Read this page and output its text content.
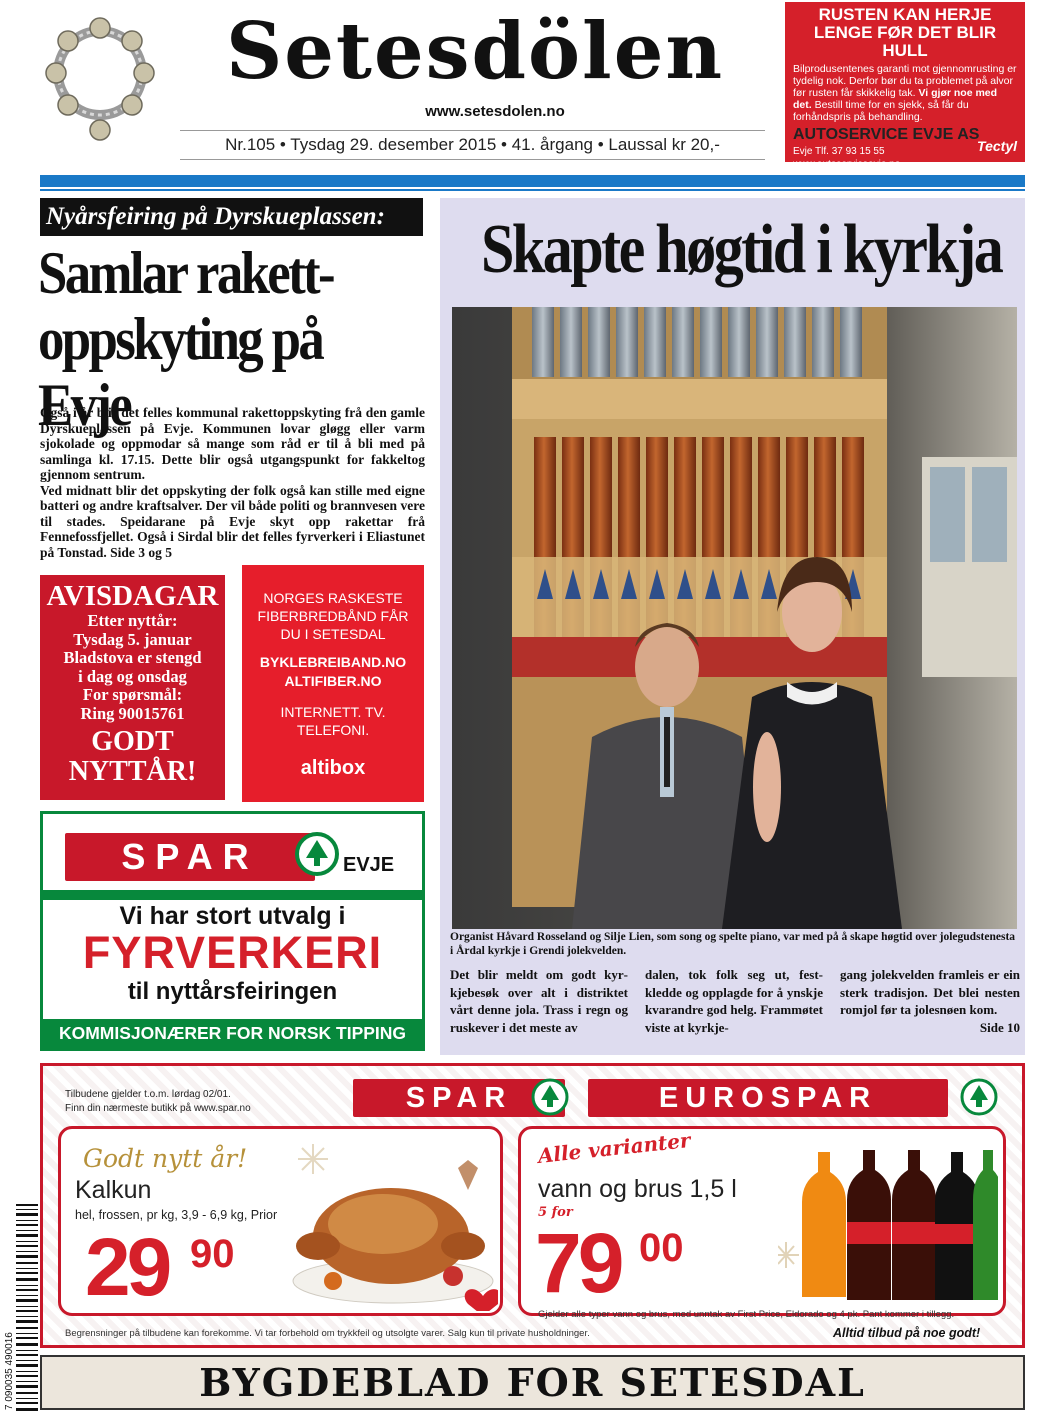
Setesdölen
www.setesdolen.no
Nr.105 • Tysdag 29. desember 2015 • 41. årgang • Laussal kr 20,-
RUSTEN KAN HERJE
LENGE FØR DET BLIR HULL
Bilprodusentenes garanti mot gjennomrusting er tydelig nok. Derfor bør du ta problemet på alvor før rusten får skikkelig tak. Vi gjør noe med det. Bestill time for en sjekk, så får du forhåndspris på behandling.
AUTOSERVICE EVJE AS
Evje Tlf. 37 93 15 55
www.autoserviceevje.no
Tectyl
Nyårsfeiring på Dyrskueplassen:
Samlar rakett-
oppskyting på Evje

Også i år blir det felles kommunal rakettoppskyting frå den gamle Dyrskueplassen på Evje. Kommunen lovar gløgg eller varm sjokolade og oppmodar så mange som råd er til å bli med på samlinga kl. 17.15. Dette blir også utgangspunkt for fakkeltog gjennom sentrum.

Ved midnatt blir det oppskyting der folk også kan stille med eigne batteri og andre kraftsalver. Der vil både politi og brannvesen vere til stades. Speidarane på Evje skyt opp rakettar frå Fennefossfjellet. Også i Sirdal blir det felles fyrverkeri i Eliastunet på Tonstad. Side 3 og 5

AVISDAGAR
Etter nyttår:
Tysdag 5. januar
Bladstova er stengd
i dag og onsdag
For spørsmål:
Ring 90015761
GODT
NYTTÅR!
NORGES RASKESTE
FIBERBREDBÅND FÅR
DU I SETESDAL
BYKLEBREIBAND.NO
ALTIFIBER.NO
INTERNETT. TV.
TELEFONI.
altibox
SPAR	EVJE
Vi har stort utvalg i
FYRVERKERI
til nyttårsfeiringen
KOMMISJONÆRER FOR NORSK TIPPING
Skapte høgtid i kyrkja
Organist Håvard Rosseland og Silje Lien, som song og spelte piano, var med på å skape høgtid over jolegudstenesta i Årdal kyrkje i Grendi jolekvelden.
Det blir meldt om godt kyrkjebesøk over alt i distriktet vårt denne jola. Trass i regn og ruskever i det meste av
dalen, tok folk seg ut, festkledde og opplagde for å ynskje kvarandre god helg. Frammøtet viste at kyrkje-
gang jolekvelden framleis er ein sterk tradisjon. Det blei nesten romjol før ta jolesnøen kom.
Side 10
Tilbudene gjelder t.o.m. lørdag 02/01.
Finn din nærmeste butikk på www.spar.no	SPAR	EUROSPAR
Godt nytt år!
Kalkun
hel, frossen, pr kg, 3,9 - 6,9 kg, Prior
29 90
Alle varianter
vann og brus 1,5 l
5 for
79 00
Gjelder alle typer vann og brus, med unntak av First Price, Eldorado og 4 pk. Pant kommer i tillegg.
Begrensninger på tilbudene kan forekomme. Vi tar forbehold om trykkfeil og utsolgte varer. Salg kun til private husholdninger.	Alltid tilbud på noe godt!
7 090035 490016	BYGDEBLAD FOR SETESDAL
